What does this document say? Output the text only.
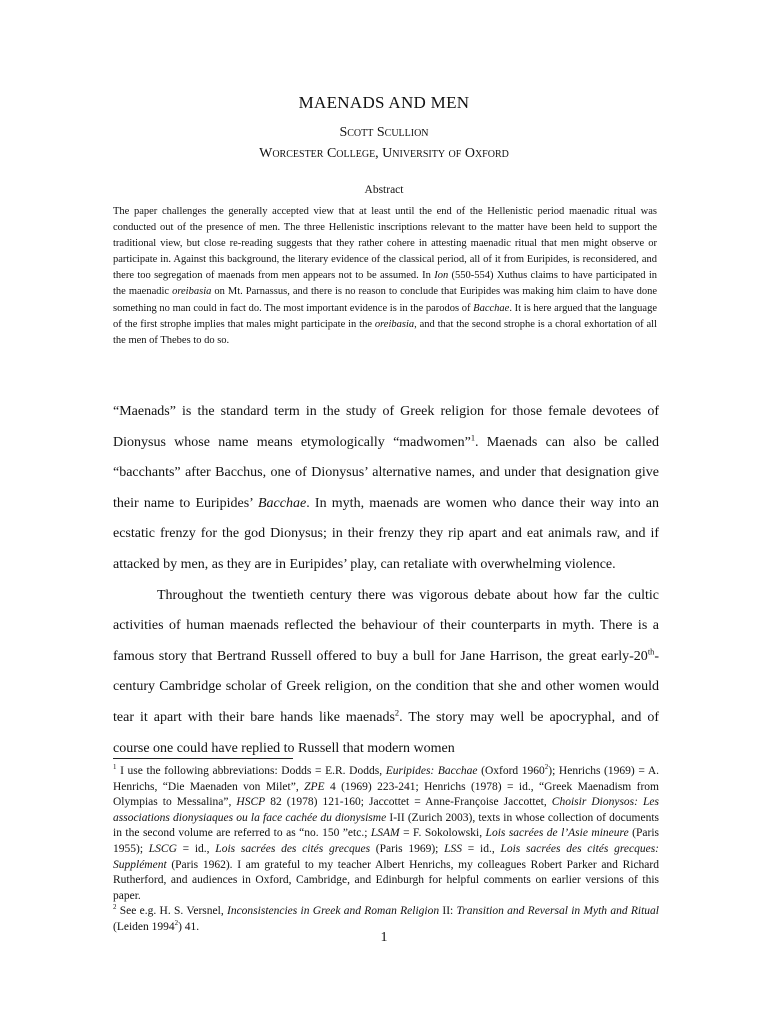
MAENADS AND MEN
Scott Scullion
Worcester College, University of Oxford
Abstract
The paper challenges the generally accepted view that at least until the end of the Hellenistic period maenadic ritual was conducted out of the presence of men. The three Hellenistic inscriptions relevant to the matter have been held to support the traditional view, but close re-reading suggests that they rather cohere in attesting maenadic ritual that men might observe or participate in. Against this background, the literary evidence of the classical period, all of it from Euripides, is reconsidered, and there too segregation of maenads from men appears not to be assumed. In Ion (550-554) Xuthus claims to have participated in the maenadic oreibasia on Mt. Parnassus, and there is no reason to conclude that Euripides was making him claim to have done something no man could in fact do. The most important evidence is in the parodos of Bacchae. It is here argued that the language of the first strophe implies that males might participate in the oreibasia, and that the second strophe is a choral exhortation of all the men of Thebes to do so.

“Maenads” is the standard term in the study of Greek religion for those female devotees of Dionysus whose name means etymologically “madwomen”$^1$. Maenads can also be called “bacchants” after Bacchus, one of Dionysus’ alternative names, and under that designation give their name to Euripides’ Bacchae. In myth, maenads are women who dance their way into an ecstatic frenzy for the god Dionysus; in their frenzy they rip apart and eat animals raw, and if attacked by men, as they are in Euripides’ play, can retaliate with overwhelming violence.

Throughout the twentieth century there was vigorous debate about how far the cultic activities of human maenads reflected the behaviour of their counterparts in myth. There is a famous story that Bertrand Russell offered to buy a bull for Jane Harrison, the great early-20th-century Cambridge scholar of Greek religion, on the condition that she and other women would tear it apart with their bare hands like maenads$^2$. The story may well be apocryphal, and of course one could have replied to Russell that modern women

$^1$ I use the following abbreviations: Dodds = E.R. Dodds, Euripides: Bacchae (Oxford 1960$^2$); Henrichs (1969) = A. Henrichs, “Die Maenaden von Milet”, ZPE 4 (1969) 223-241; Henrichs (1978) = id., “Greek Maenadism from Olympias to Messalina”, HSCP 82 (1978) 121-160; Jaccottet = Anne-Françoise Jaccottet, Choisir Dionysos: Les associations dionysiaques ou la face cachée du dionysisme I-II (Zurich 2003), texts in whose collection of documents in the second volume are referred to as “no. 150 ”etc.; LSAM = F. Sokolowski, Lois sacrées de l’Asie mineure (Paris 1955); LSCG = id., Lois sacrées des cités grecques (Paris 1969); LSS = id., Lois sacrées des cités grecques: Supplément (Paris 1962). I am grateful to my teacher Albert Henrichs, my colleagues Robert Parker and Richard Rutherford, and audiences in Oxford, Cambridge, and Edinburgh for helpful comments on earlier versions of this paper.

$^2$ See e.g. H. S. Versnel, Inconsistencies in Greek and Roman Religion II: Transition and Reversal in Myth and Ritual (Leiden 1994$^2$) 41.

1
